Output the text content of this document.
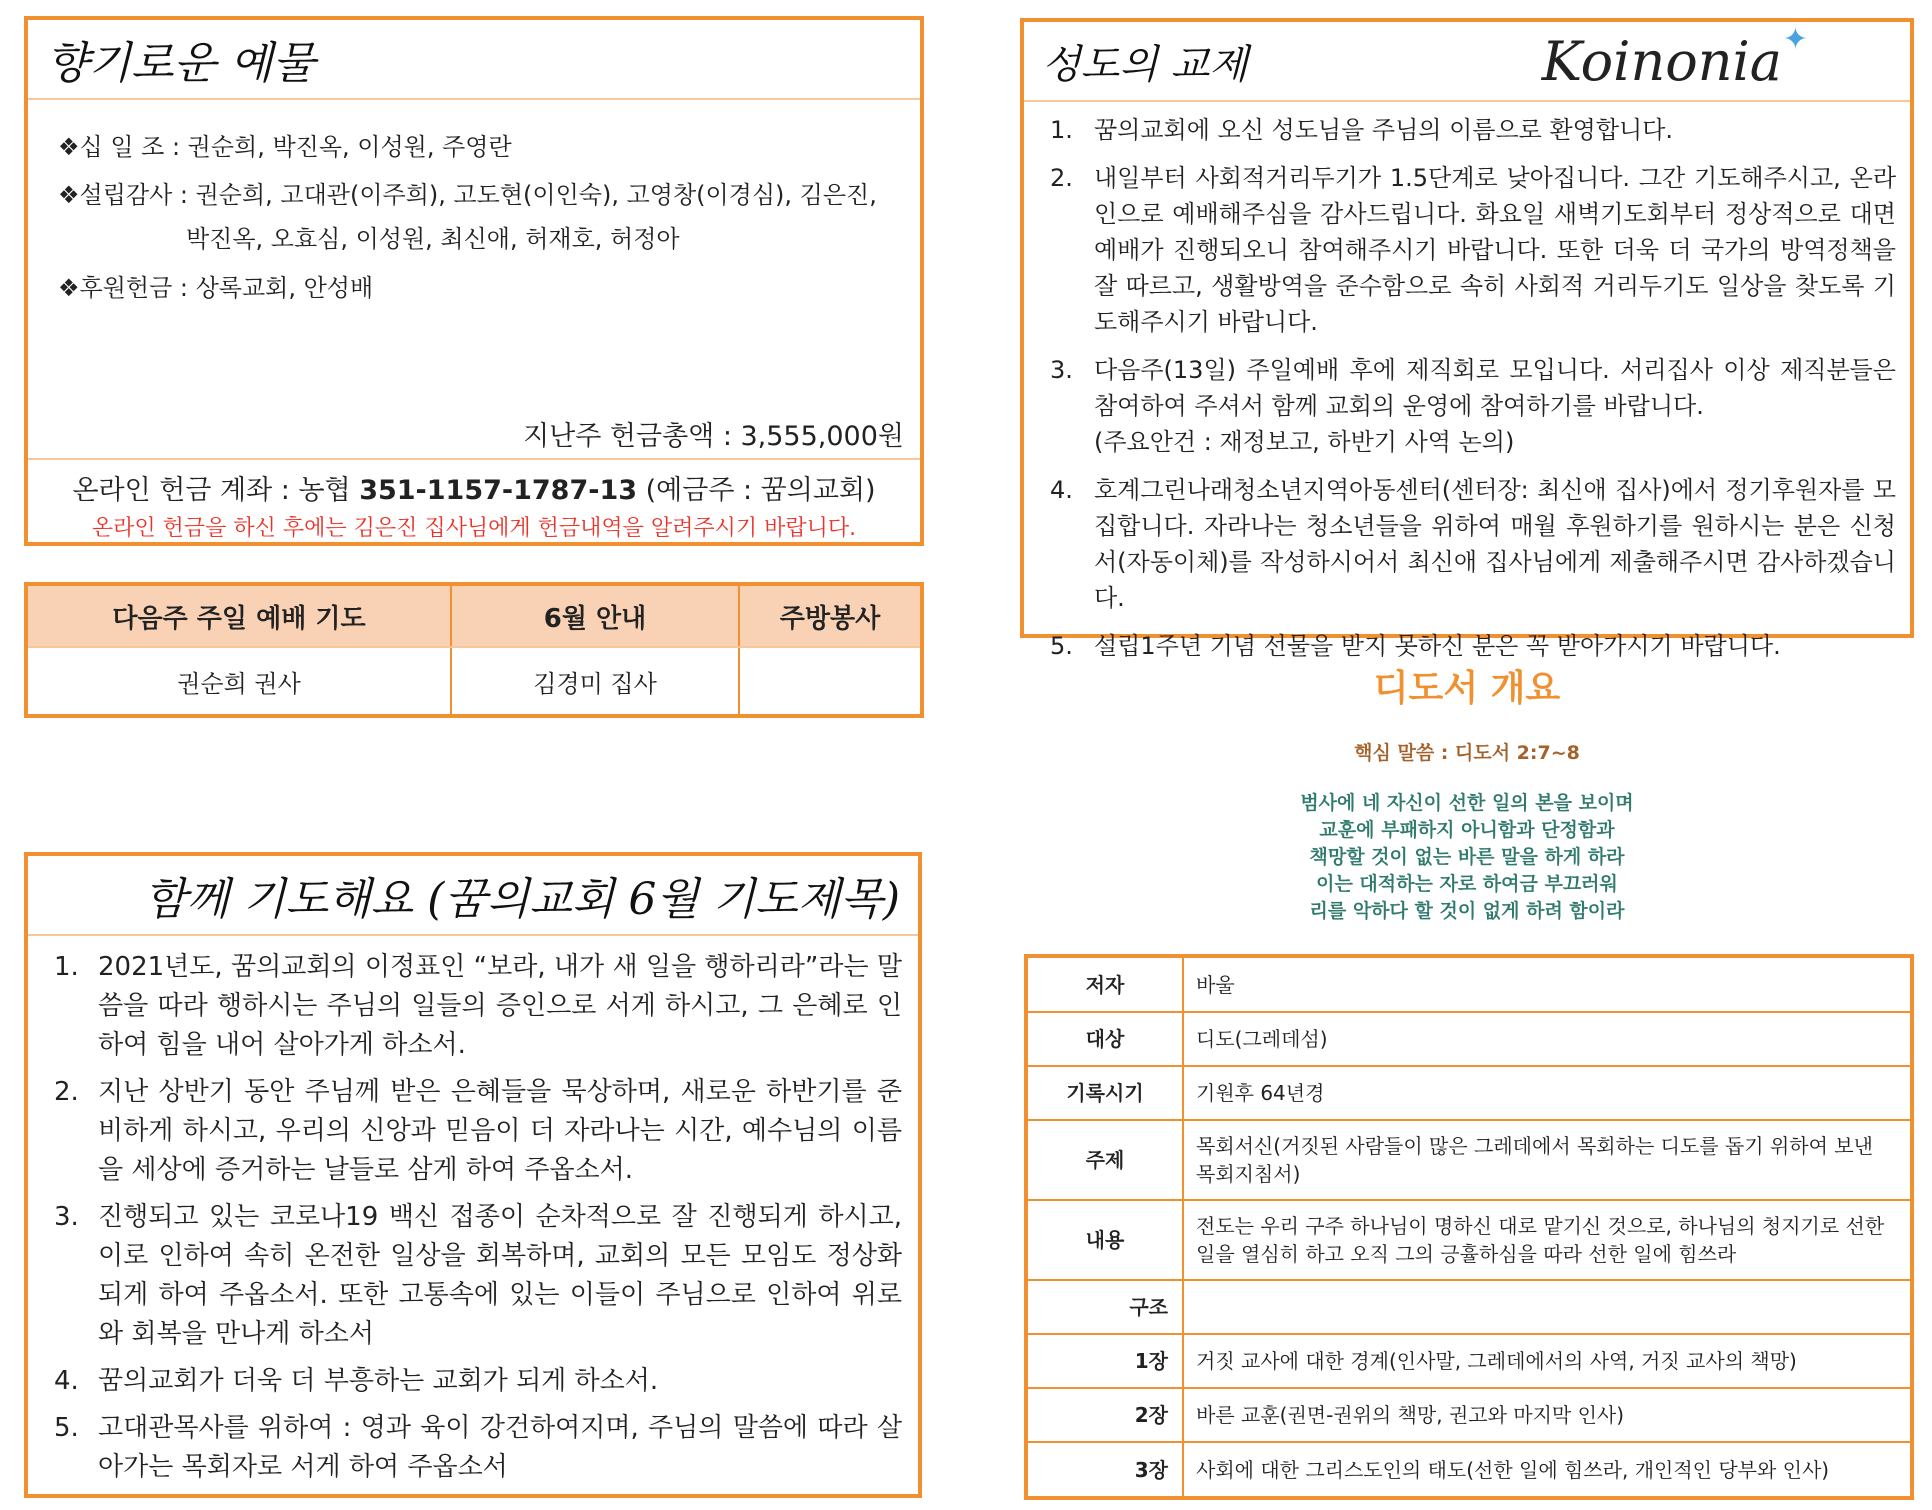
향기로운 예물
❖십 일 조 : 권순희, 박진옥, 이성원, 주영란
❖설립감사 : 권순희, 고대관(이주희), 고도현(이인숙), 고영창(이경심), 김은진,
박진옥, 오효심, 이성원, 최신애, 허재호, 허정아
❖후원헌금 : 상록교회, 안성배
지난주 헌금총액 : 3,555,000원
온라인 헌금 계좌 : 농협 351-1157-1787-13 (예금주 : 꿈의교회)
온라인 헌금을 하신 후에는 김은진 집사님에게 헌금내역을 알려주시기 바랍니다.
다음주 주일 예배 기도	6월 안내	주방봉사
권순희 권사	김경미 집사	
함께 기도해요 (꿈의교회 6월 기도제목)
1. 2021년도, 꿈의교회의 이정표인 “보라, 내가 새 일을 행하리라”라는 말씀을 따라 행하시는 주님의 일들의 증인으로 서게 하시고, 그 은혜로 인하여 힘을 내어 살아가게 하소서.
2. 지난 상반기 동안 주님께 받은 은혜들을 묵상하며, 새로운 하반기를 준비하게 하시고, 우리의 신앙과 믿음이 더 자라나는 시간, 예수님의 이름을 세상에 증거하는 날들로 삼게 하여 주옵소서.
3. 진행되고 있는 코로나19 백신 접종이 순차적으로 잘 진행되게 하시고, 이로 인하여 속히 온전한 일상을 회복하며, 교회의 모든 모임도 정상화되게 하여 주옵소서. 또한 고통속에 있는 이들이 주님으로 인하여 위로와 회복을 만나게 하소서
4. 꿈의교회가 더욱 더 부흥하는 교회가 되게 하소서.
5. 고대관목사를 위하여 : 영과 육이 강건하여지며, 주님의 말씀에 따라 살아가는 목회자로 서게 하여 주옵소서
성도의 교제	Koinonia ✦
1. 꿈의교회에 오신 성도님을 주님의 이름으로 환영합니다.
2. 내일부터 사회적거리두기가 1.5단계로 낮아집니다. 그간 기도해주시고, 온라인으로 예배해주심을 감사드립니다. 화요일 새벽기도회부터 정상적으로 대면예배가 진행되오니 참여해주시기 바랍니다. 또한 더욱 더 국가의 방역정책을 잘 따르고, 생활방역을 준수함으로 속히 사회적 거리두기도 일상을 찾도록 기도해주시기 바랍니다.
3. 다음주(13일) 주일예배 후에 제직회로 모입니다. 서리집사 이상 제직분들은 참여하여 주셔서 함께 교회의 운영에 참여하기를 바랍니다.
(주요안건 : 재정보고, 하반기 사역 논의)
4. 호계그린나래청소년지역아동센터(센터장: 최신애 집사)에서 정기후원자를 모집합니다. 자라나는 청소년들을 위하여 매월 후원하기를 원하시는 분은 신청서(자동이체)를 작성하시어서 최신애 집사님에게 제출해주시면 감사하겠습니다.
5. 설립1주년 기념 선물을 받지 못하신 분은 꼭 받아가시기 바랍니다.
디도서 개요
핵심 말씀 : 디도서 2:7~8
범사에 네 자신이 선한 일의 본을 보이며
교훈에 부패하지 아니함과 단정함과
책망할 것이 없는 바른 말을 하게 하라
이는 대적하는 자로 하여금 부끄러워
리를 악하다 할 것이 없게 하려 함이라
저자	바울
대상	디도(그레데섬)
기록시기	기원후 64년경
주제	목회서신(거짓된 사람들이 많은 그레데에서 목회하는 디도를 돕기 위하여 보낸 목회지침서)
내용	전도는 우리 구주 하나님이 명하신 대로 맡기신 것으로, 하나님의 청지기로 선한 일을 열심히 하고 오직 그의 긍휼하심을 따라 선한 일에 힘쓰라
구조	
1장	거짓 교사에 대한 경계(인사말, 그레데에서의 사역, 거짓 교사의 책망)
2장	바른 교훈(권면-권위의 책망, 권고와 마지막 인사)
3장	사회에 대한 그리스도인의 태도(선한 일에 힘쓰라, 개인적인 당부와 인사)
